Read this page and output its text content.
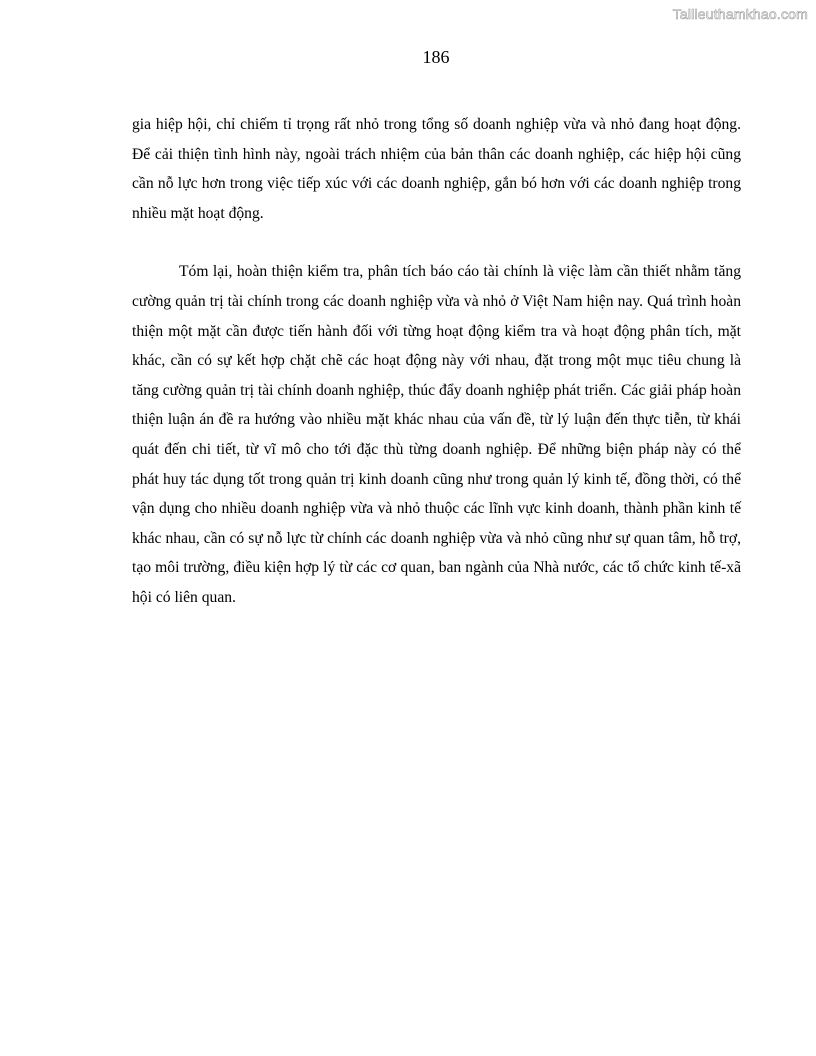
Tailieuthamkhao.com
186

gia hiệp hội, chỉ chiếm tỉ trọng rất nhỏ trong tổng số doanh nghiệp vừa và nhỏ đang hoạt động. Để cải thiện tình hình này, ngoài trách nhiệm của bản thân các doanh nghiệp, các hiệp hội cũng cần nỗ lực hơn trong việc tiếp xúc với các doanh nghiệp, gắn bó hơn với các doanh nghiệp trong nhiều mặt hoạt động.

Tóm lại, hoàn thiện kiểm tra, phân tích báo cáo tài chính là việc làm cần thiết nhằm tăng cường quản trị tài chính trong các doanh nghiệp vừa và nhỏ ở Việt Nam hiện nay. Quá trình hoàn thiện một mặt cần được tiến hành đối với từng hoạt động kiểm tra và hoạt động phân tích, mặt khác, cần có sự kết hợp chặt chẽ các hoạt động này với nhau, đặt trong một mục tiêu chung là tăng cường quản trị tài chính doanh nghiệp, thúc đẩy doanh nghiệp phát triển. Các giải pháp hoàn thiện luận án đề ra hướng vào nhiều mặt khác nhau của vấn đề, từ lý luận đến thực tiễn, từ khái quát đến chi tiết, từ vĩ mô cho tới đặc thù từng doanh nghiệp. Để những biện pháp này có thể phát huy tác dụng tốt trong quản trị kinh doanh cũng như trong quản lý kinh tế, đồng thời, có thể vận dụng cho nhiều doanh nghiệp vừa và nhỏ thuộc các lĩnh vực kinh doanh, thành phần kinh tế khác nhau, cần có sự nỗ lực từ chính các doanh nghiệp vừa và nhỏ cũng như sự quan tâm, hỗ trợ, tạo môi trường, điều kiện hợp lý từ các cơ quan, ban ngành của Nhà nước, các tổ chức kinh tế-xã hội có liên quan.
